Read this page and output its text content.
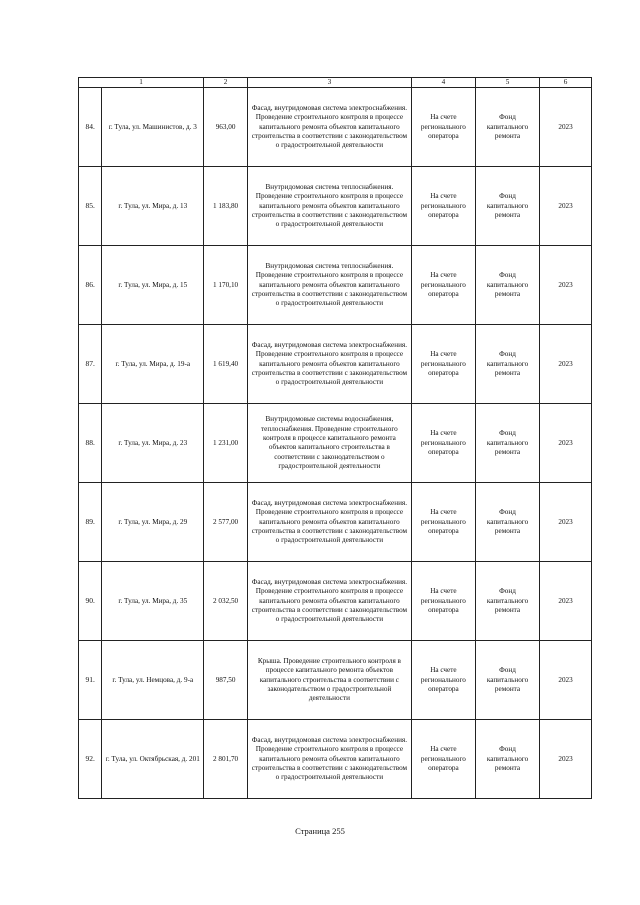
1		2	3	4	5	6
84.	г. Тула, ул. Машинистов, д. 3	963,00	Фасад, внутридомовая система электроснабжения. Проведение строительного контроля в процессе капитального ремонта объектов капитального строительства в соответствии с законодательством о градостроительной деятельности	На счете регионального оператора	Фонд капитального ремонта	2023
85.	г. Тула, ул. Мира, д. 13	1 183,80	Внутридомовая система теплоснабжения. Проведение строительного контроля в процессе капитального ремонта объектов капитального строительства в соответствии с законодательством о градостроительной деятельности	На счете регионального оператора	Фонд капитального ремонта	2023
86.	г. Тула, ул. Мира, д. 15	1 170,10	Внутридомовая система теплоснабжения. Проведение строительного контроля в процессе капитального ремонта объектов капитального строительства в соответствии с законодательством о градостроительной деятельности	На счете регионального оператора	Фонд капитального ремонта	2023
87.	г. Тула, ул. Мира, д. 19-а	1 619,40	Фасад, внутридомовая система электроснабжения. Проведение строительного контроля в процессе капитального ремонта объектов капитального строительства в соответствии с законодательством о градостроительной деятельности	На счете регионального оператора	Фонд капитального ремонта	2023
88.	г. Тула, ул. Мира, д. 23	1 231,00	Внутридомовые системы водоснабжения, теплоснабжения. Проведение строительного контроля в процессе капитального ремонта объектов капитального строительства в соответствии с законодательством о градостроительной деятельности	На счете регионального оператора	Фонд капитального ремонта	2023
89.	г. Тула, ул. Мира, д. 29	2 577,00	Фасад, внутридомовая система электроснабжения. Проведение строительного контроля в процессе капитального ремонта объектов капитального строительства в соответствии с законодательством о градостроительной деятельности	На счете регионального оператора	Фонд капитального ремонта	2023
90.	г. Тула, ул. Мира, д. 35	2 032,50	Фасад, внутридомовая система электроснабжения. Проведение строительного контроля в процессе капитального ремонта объектов капитального строительства в соответствии с законодательством о градостроительной деятельности	На счете регионального оператора	Фонд капитального ремонта	2023
91.	г. Тула, ул. Немцова, д. 9-а	987,50	Крыша. Проведение строительного контроля в процессе капитального ремонта объектов капитального строительства в соответствии с законодательством о градостроительной деятельности	На счете регионального оператора	Фонд капитального ремонта	2023
92.	г. Тула, ул. Октябрьская, д. 201	2 801,70	Фасад, внутридомовая система электроснабжения. Проведение строительного контроля в процессе капитального ремонта объектов капитального строительства в соответствии с законодательством о градостроительной деятельности	На счете регионального оператора	Фонд капитального ремонта	2023
Страница 255
